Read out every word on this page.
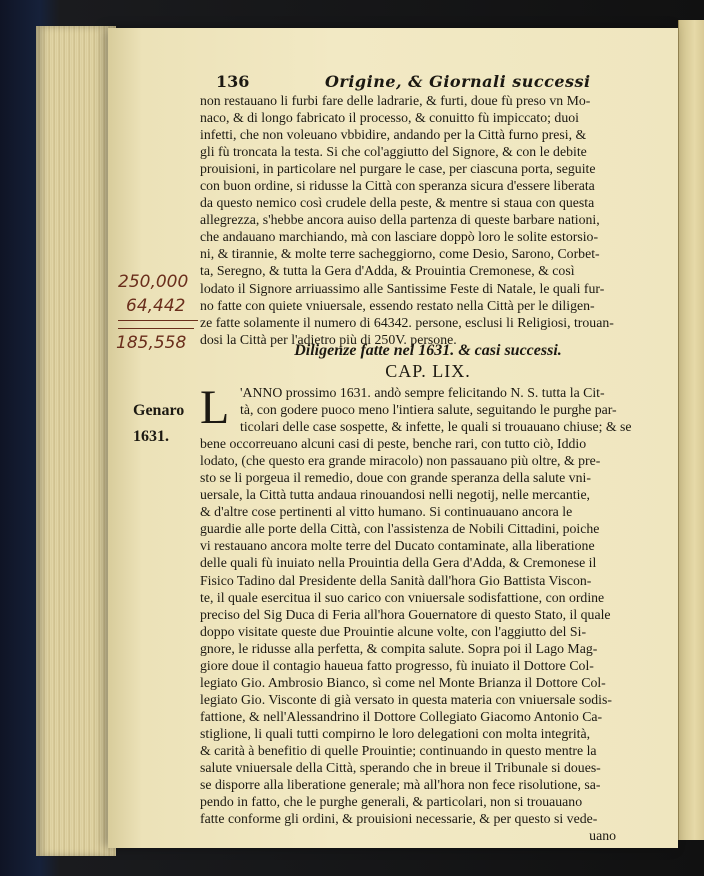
136	Origine, & Giornali successi
non restauano li furbi fare delle ladrarie, & furti, doue fù preso vn Mo-
naco, & di longo fabricato il processo, & conuitto fù impiccato; duoi
infetti, che non voleuano vbbidire, andando per la Città furno presi, &
gli fù troncata la testa. Si che col'aggiutto del Signore, & con le debite
prouisioni, in particolare nel purgare le case, per ciascuna porta, seguite
con buon ordine, si ridusse la Città con speranza sicura d'essere liberata
da questo nemico così crudele della peste, & mentre si staua con questa
allegrezza, s'hebbe ancora auiso della partenza di queste barbare nationi,
che andauano marchiando, mà con lasciare doppò loro le solite estorsio-
ni, & tirannie, & molte terre sacheggiorno, come Desio, Sarono, Corbet-
ta, Seregno, & tutta la Gera d'Adda, & Prouintia Cremonese, & così
lodato il Signore arriuassimo alle Santissime Feste di Natale, le quali fur-
no fatte con quiete vniuersale, essendo restato nella Città per le diligen-
ze fatte solamente il numero di 64342. persone, esclusi li Religiosi, trouan-
dosi la Città per l'adietro più di 250V. persone.
Diligenze fatte nel 1631. & casi successi.
CAP. LIX.
L 'ANNO prossimo 1631. andò sempre felicitando N. S. tutta la Cit-
tà, con godere puoco meno l'intiera salute, seguitando le purghe par-
ticolari delle case sospette, & infette, le quali si trouauano chiuse; & se
bene occorreuano alcuni casi di peste, benche rari, con tutto ciò, Iddio
lodato, (che questo era grande miracolo) non passauano più oltre, & pre-
sto se li porgeua il remedio, doue con grande speranza della salute vni-
uersale, la Città tutta andaua rinouandosi nelli negotij, nelle mercantie,
& d'altre cose pertinenti al vitto humano. Si continuauano ancora le
guardie alle porte della Città, con l'assistenza de Nobili Cittadini, poiche
vi restauano ancora molte terre del Ducato contaminate, alla liberatione
delle quali fù inuiato nella Prouintia della Gera d'Adda, & Cremonese il
Fisico Tadino dal Presidente della Sanità dall'hora Gio Battista Viscon-
te, il quale esercitua il suo carico con vniuersale sodisfattione, con ordine
preciso del Sig Duca di Feria all'hora Gouernatore di questo Stato, il quale
doppo visitate queste due Prouintie alcune volte, con l'aggiutto del Si-
gnore, le ridusse alla perfetta, & compita salute. Sopra poi il Lago Mag-
giore doue il contagio haueua fatto progresso, fù inuiato il Dottore Col-
legiato Gio. Ambrosio Bianco, sì come nel Monte Brianza il Dottore Col-
legiato Gio. Visconte di già versato in questa materia con vniuersale sodis-
fattione, & nell'Alessandrino il Dottore Collegiato Giacomo Antonio Ca-
stiglione, li quali tutti compirno le loro delegationi con molta integrità,
& carità à benefitio di quelle Prouintie; continuando in questo mentre la
salute vniuersale della Città, sperando che in breue il Tribunale si doues-
se disporre alla liberatione generale; mà all'hora non fece risolutione, sa-
pendo in fatto, che le purghe generali, & particolari, non si trouauano
fatte conforme gli ordini, & prouisioni necessarie, & per questo si vede-
uano
Genaro
1631.
250,000
64,442
185,558
